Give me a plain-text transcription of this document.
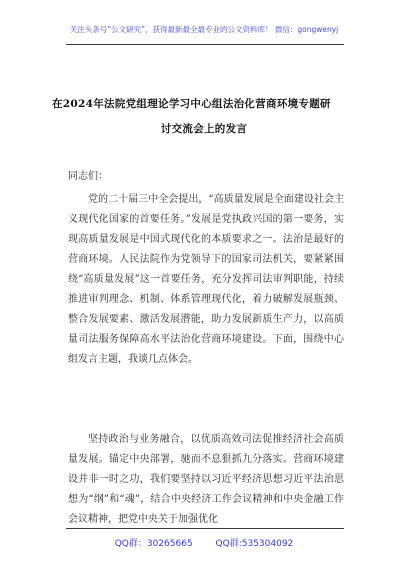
关注头条号“公文研究”，获得最新最全最专业的公文资料库！ 微信：gongwenyj
在2024年法院党组理论学习中心组法治化营商环境专题研
讨交流会上的发言
同志们：
党的二十届三中全会提出，“高质量发展是全面建设社会主义现代化国家的首要任务。”发展是党执政兴国的第一要务，实现高质量发展是中国式现代化的本质要求之一。法治是最好的营商环境。人民法院作为党领导下的国家司法机关，要紧紧围绕“高质量发展”这一首要任务，充分发挥司法审判职能，持续推进审判理念、机制、体系管理现代化，着力破解发展瓶颈、整合发展要素、激活发展潜能，助力发展新质生产力，以高质量司法服务保障高水平法治化营商环境建设。下面，围绕中心组发言主题，我谈几点体会。
坚持政治与业务融合，以优质高效司法促推经济社会高质量发展。锚定中央部署，驰而不息狠抓九分落实。营商环境建设并非一时之功，我们要坚持以习近平经济思想习近平法治思想为“纲”和“魂”，结合中央经济工作会议精神和中央金融工作会议精神，把党中央关于加强优化
QQ群：30265665	QQ群:535304092
